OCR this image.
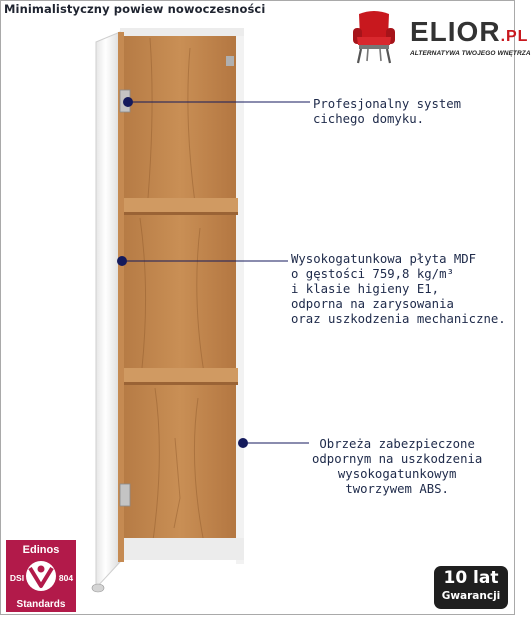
Minimalistyczny powiew nowoczesności
ELIOR.PL
ALTERNATYWA TWOJEGO WNĘTRZA
Profesjonalny system
cichego domyku.
Wysokogatunkowa płyta MDF
o gęstości 759,8 kg/m³
i klasie higieny E1,
odporna na zarysowania
oraz uszkodzenia mechaniczne.
Obrzeża zabezpieczone
odpornym na uszkodzenia
wysokogatunkowym
tworzywem ABS.
Edinos
DSI	804
Standards
10 lat
Gwarancji
